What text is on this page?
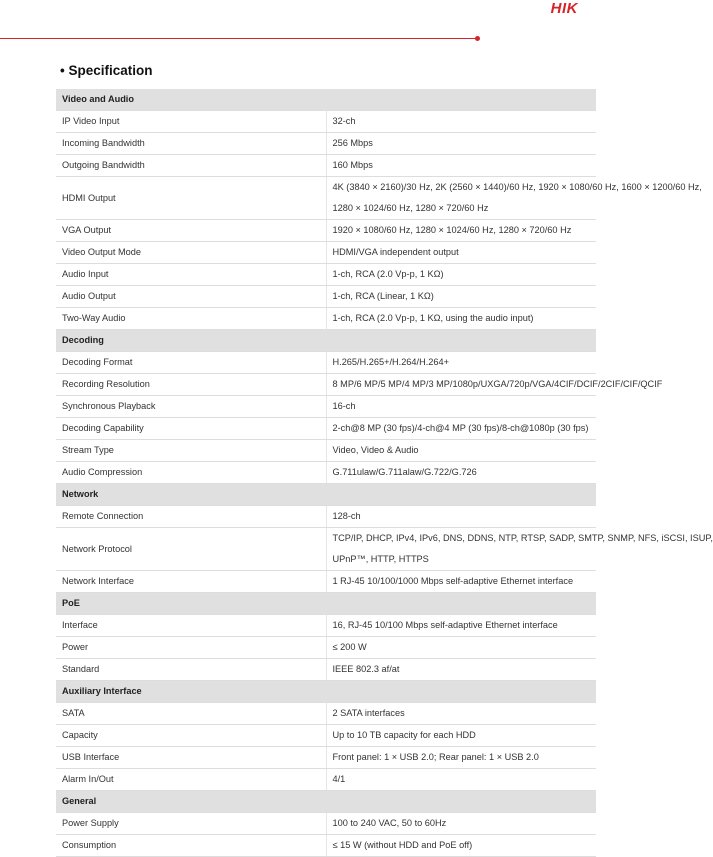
HIK
• Specification
Video and Audio	
IP Video Input	32-ch

Incoming Bandwidth	256 Mbps

Outgoing Bandwidth	160 Mbps

HDMI Output	4K (3840 × 2160)/30 Hz, 2K (2560 × 1440)/60 Hz, 1920 × 1080/60 Hz, 1600 × 1200/60 Hz,
1280 × 1024/60 Hz, 1280 × 720/60 Hz

VGA Output	1920 × 1080/60 Hz, 1280 × 1024/60 Hz, 1280 × 720/60 Hz

Video Output Mode	HDMI/VGA independent output

Audio Input	1-ch, RCA (2.0 Vp-p, 1 KΩ)

Audio Output	1-ch, RCA (Linear, 1 KΩ)

Two-Way Audio	1-ch, RCA (2.0 Vp-p, 1 KΩ, using the audio input)

Decoding	
Decoding Format	H.265/H.265+/H.264/H.264+

Recording Resolution	8 MP/6 MP/5 MP/4 MP/3 MP/1080p/UXGA/720p/VGA/4CIF/DCIF/2CIF/CIF/QCIF

Synchronous Playback	16-ch

Decoding Capability	2-ch@8 MP (30 fps)/4-ch@4 MP (30 fps)/8-ch@1080p (30 fps)

Stream Type	Video, Video & Audio

Audio Compression	G.711ulaw/G.711alaw/G.722/G.726

Network	
Remote Connection	128-ch

Network Protocol	TCP/IP, DHCP, IPv4, IPv6, DNS, DDNS, NTP, RTSP, SADP, SMTP, SNMP, NFS, iSCSI, ISUP,
UPnP™, HTTP, HTTPS

Network Interface	1 RJ-45 10/100/1000 Mbps self-adaptive Ethernet interface

PoE	
Interface	16, RJ-45 10/100 Mbps self-adaptive Ethernet interface

Power	≤ 200 W

Standard	IEEE 802.3 af/at

Auxiliary Interface	
SATA	2 SATA interfaces

Capacity	Up to 10 TB capacity for each HDD

USB Interface	Front panel: 1 × USB 2.0; Rear panel: 1 × USB 2.0

Alarm In/Out	4/1

General	
Power Supply	100 to 240 VAC, 50 to 60Hz

Consumption	≤ 15 W (without HDD and PoE off)
